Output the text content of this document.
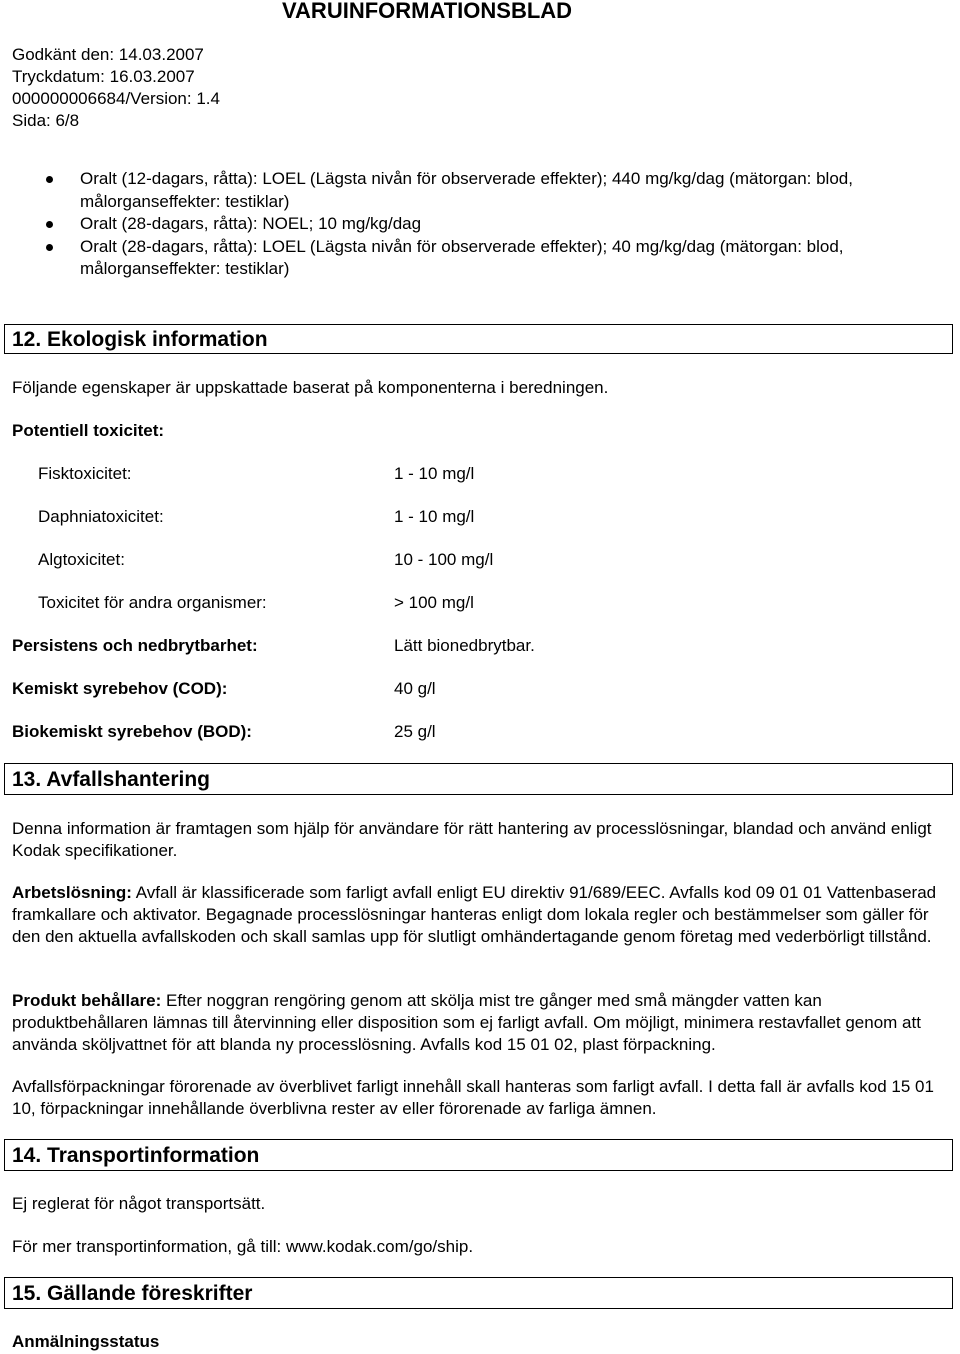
VARUINFORMATIONSBLAD
Godkänt den: 14.03.2007
Tryckdatum: 16.03.2007
000000006684/Version: 1.4
Sida: 6/8
Oralt (12-dagars, råtta): LOEL (Lägsta nivån för observerade effekter); 440 mg/kg/dag (mätorgan: blod, målorganseffekter: testiklar)
Oralt (28-dagars, råtta): NOEL; 10 mg/kg/dag
Oralt (28-dagars, råtta): LOEL (Lägsta nivån för observerade effekter); 40 mg/kg/dag (mätorgan: blod, målorganseffekter: testiklar)
12. Ekologisk information
Följande egenskaper är uppskattade baserat på komponenterna i beredningen.
Potentiell toxicitet:
Fisktoxicitet:	1 - 10 mg/l
Daphniatoxicitet:	1 - 10 mg/l
Algtoxicitet:	10 - 100 mg/l
Toxicitet för andra organismer:	> 100 mg/l
Persistens och nedbrytbarhet:	Lätt bionedbrytbar.
Kemiskt syrebehov (COD):	40 g/l
Biokemiskt syrebehov (BOD):	25 g/l
13. Avfallshantering
Denna information är framtagen som hjälp för användare för rätt hantering av processlösningar, blandad och använd enligt Kodak specifikationer.
Arbetslösning: Avfall är klassificerade som farligt avfall enligt EU direktiv 91/689/EEC. Avfalls kod 09 01 01 Vattenbaserad framkallare och aktivator. Begagnade processlösningar hanteras enligt dom lokala regler och bestämmelser som gäller för den den aktuella avfallskoden och skall samlas upp för slutligt omhändertagande genom företag med vederbörligt tillstånd.
Produkt behållare: Efter noggran rengöring genom att skölja mist tre gånger med små mängder vatten kan produktbehållaren lämnas till återvinning eller disposition som ej farligt avfall. Om möjligt, minimera restavfallet genom att använda sköljvattnet för att blanda ny processlösning. Avfalls kod 15 01 02, plast förpackning.
Avfallsförpackningar förorenade av överblivet farligt innehåll skall hanteras som farligt avfall. I detta fall är avfalls kod 15 01 10, förpackningar innehållande överblivna rester av eller förorenade av farliga ämnen.
14. Transportinformation
Ej reglerat för något transportsätt.
För mer transportinformation, gå till: www.kodak.com/go/ship.
15. Gällande föreskrifter
Anmälningsstatus
